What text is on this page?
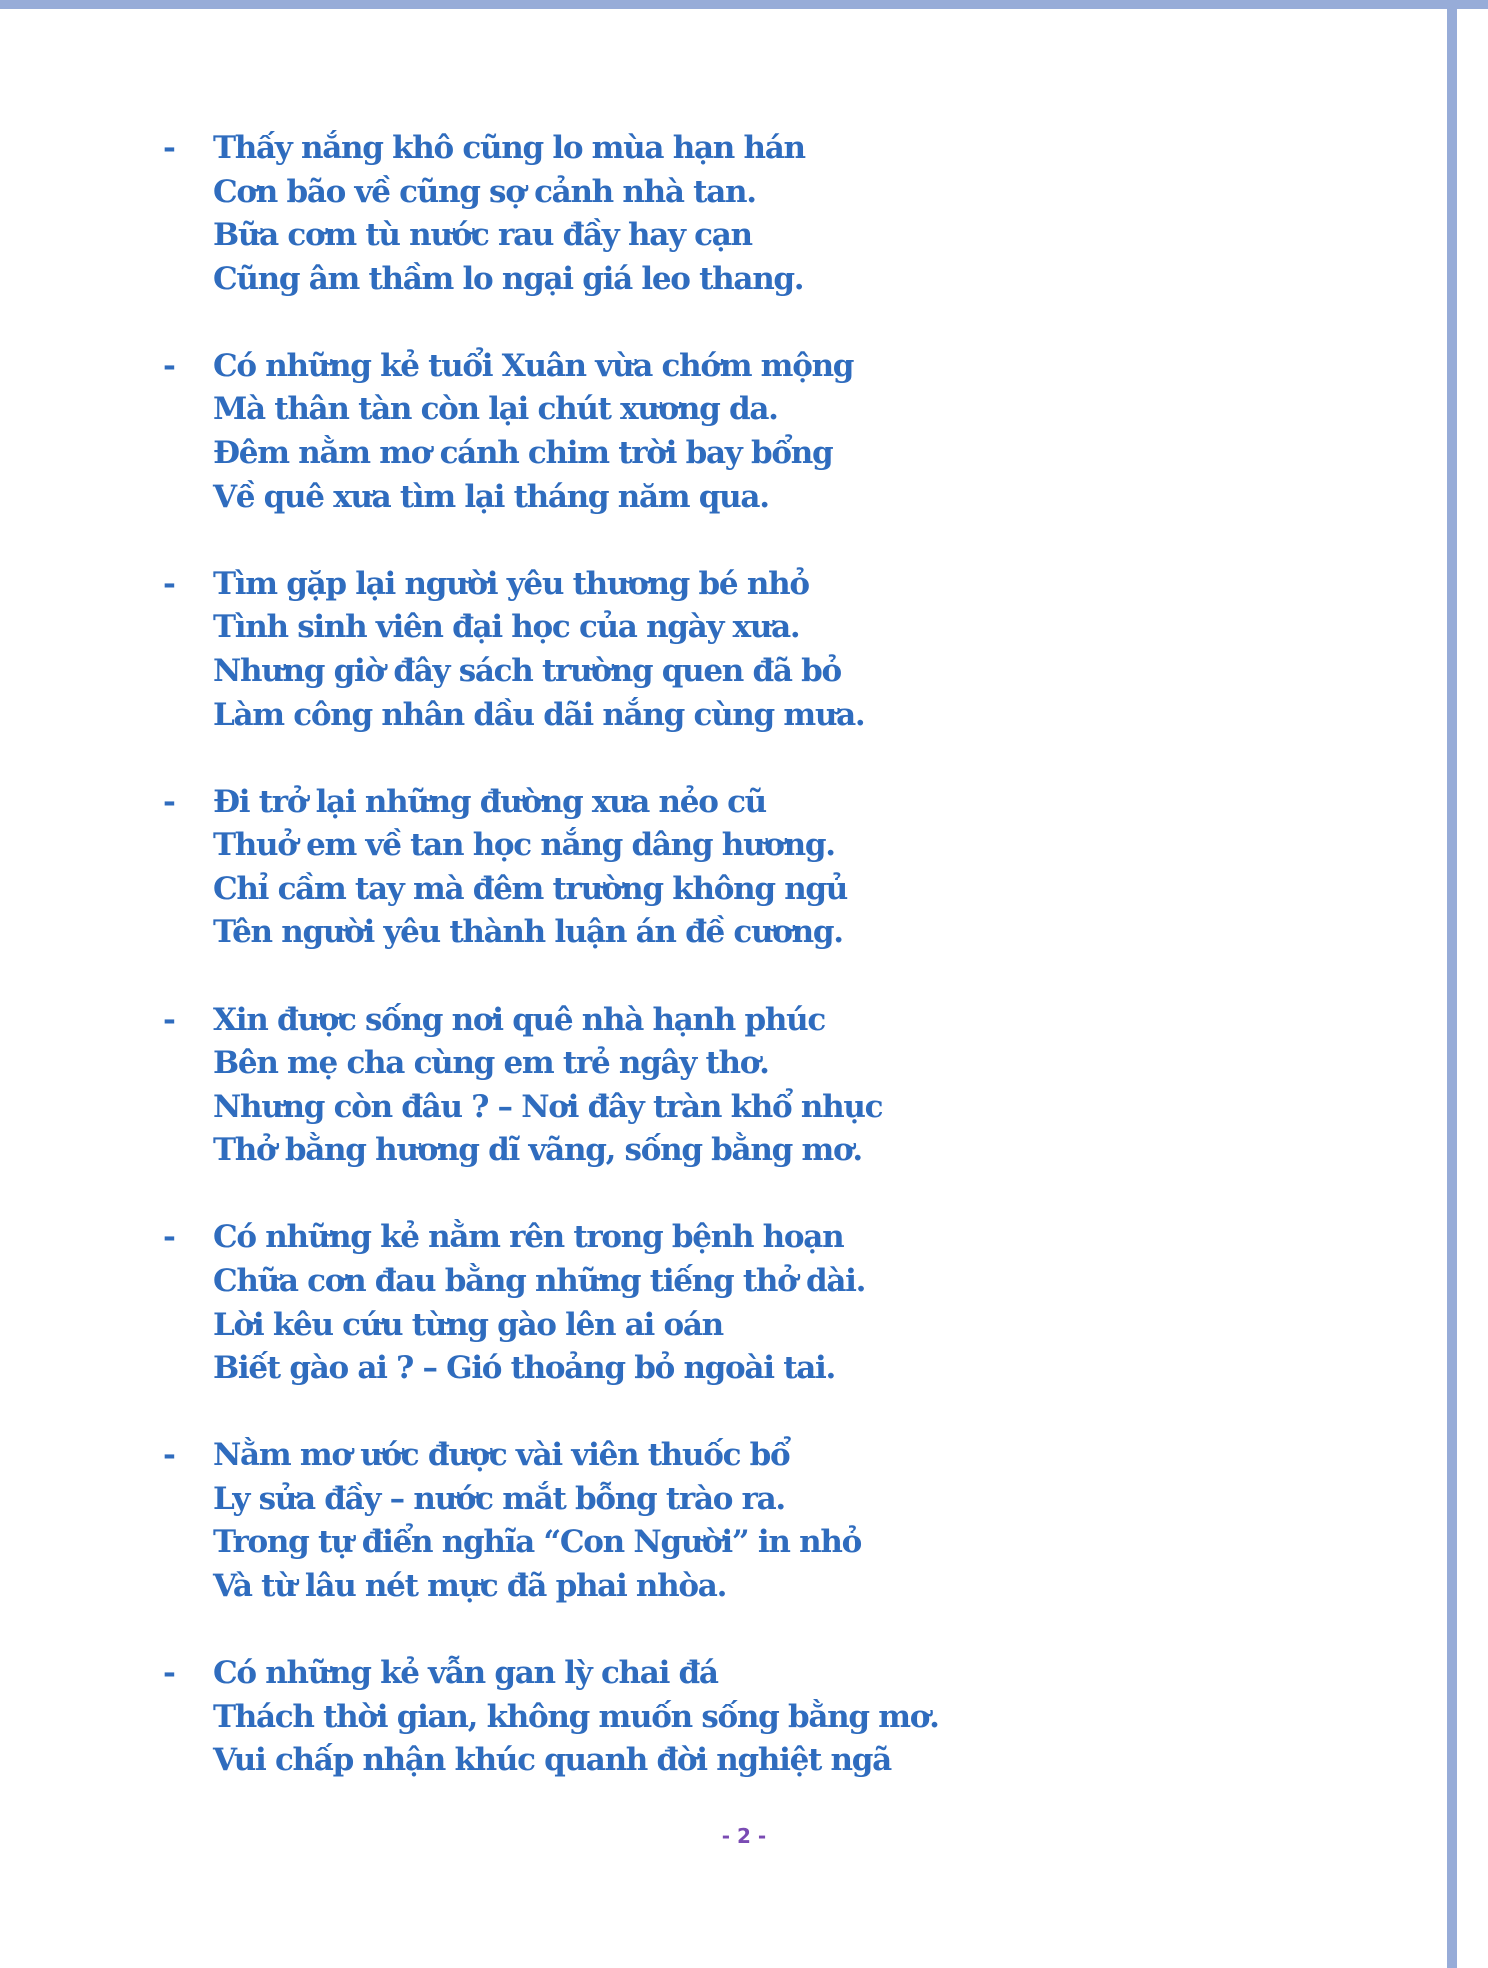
- Thấy nắng khô cũng lo mùa hạn hán
Cơn bão về cũng sợ cảnh nhà tan.
Bữa cơm tù nước rau đầy hay cạn
Cũng âm thầm lo ngại giá leo thang.
- Có những kẻ tuổi Xuân vừa chớm mộng
Mà thân tàn còn lại chút xương da.
Đêm nằm mơ cánh chim trời bay bổng
Về quê xưa tìm lại tháng năm qua.
- Tìm gặp lại người yêu thương bé nhỏ
Tình sinh viên đại học của ngày xưa.
Nhưng giờ đây sách trường quen đã bỏ
Làm công nhân dầu dãi nắng cùng mưa.
- Đi trở lại những đường xưa nẻo cũ
Thuở em về tan học nắng dâng hương.
Chỉ cầm tay mà đêm trường không ngủ
Tên người yêu thành luận án đề cương.
- Xin được sống nơi quê nhà hạnh phúc
Bên mẹ cha cùng em trẻ ngây thơ.
Nhưng còn đâu ? – Nơi đây tràn khổ nhục
Thở bằng hương dĩ vãng, sống bằng mơ.
- Có những kẻ nằm rên trong bệnh hoạn
Chữa cơn đau bằng những tiếng thở dài.
Lời kêu cứu từng gào lên ai oán
Biết gào ai ? – Gió thoảng bỏ ngoài tai.
- Nằm mơ ước được vài viên thuốc bổ
Ly sửa đầy – nước mắt bỗng trào ra.
Trong tự điển nghĩa “Con Người” in nhỏ
Và từ lâu nét mực đã phai nhòa.
- Có những kẻ vẫn gan lỳ chai đá
Thách thời gian, không muốn sống bằng mơ.
Vui chấp nhận khúc quanh đời nghiệt ngã
- 2 -
